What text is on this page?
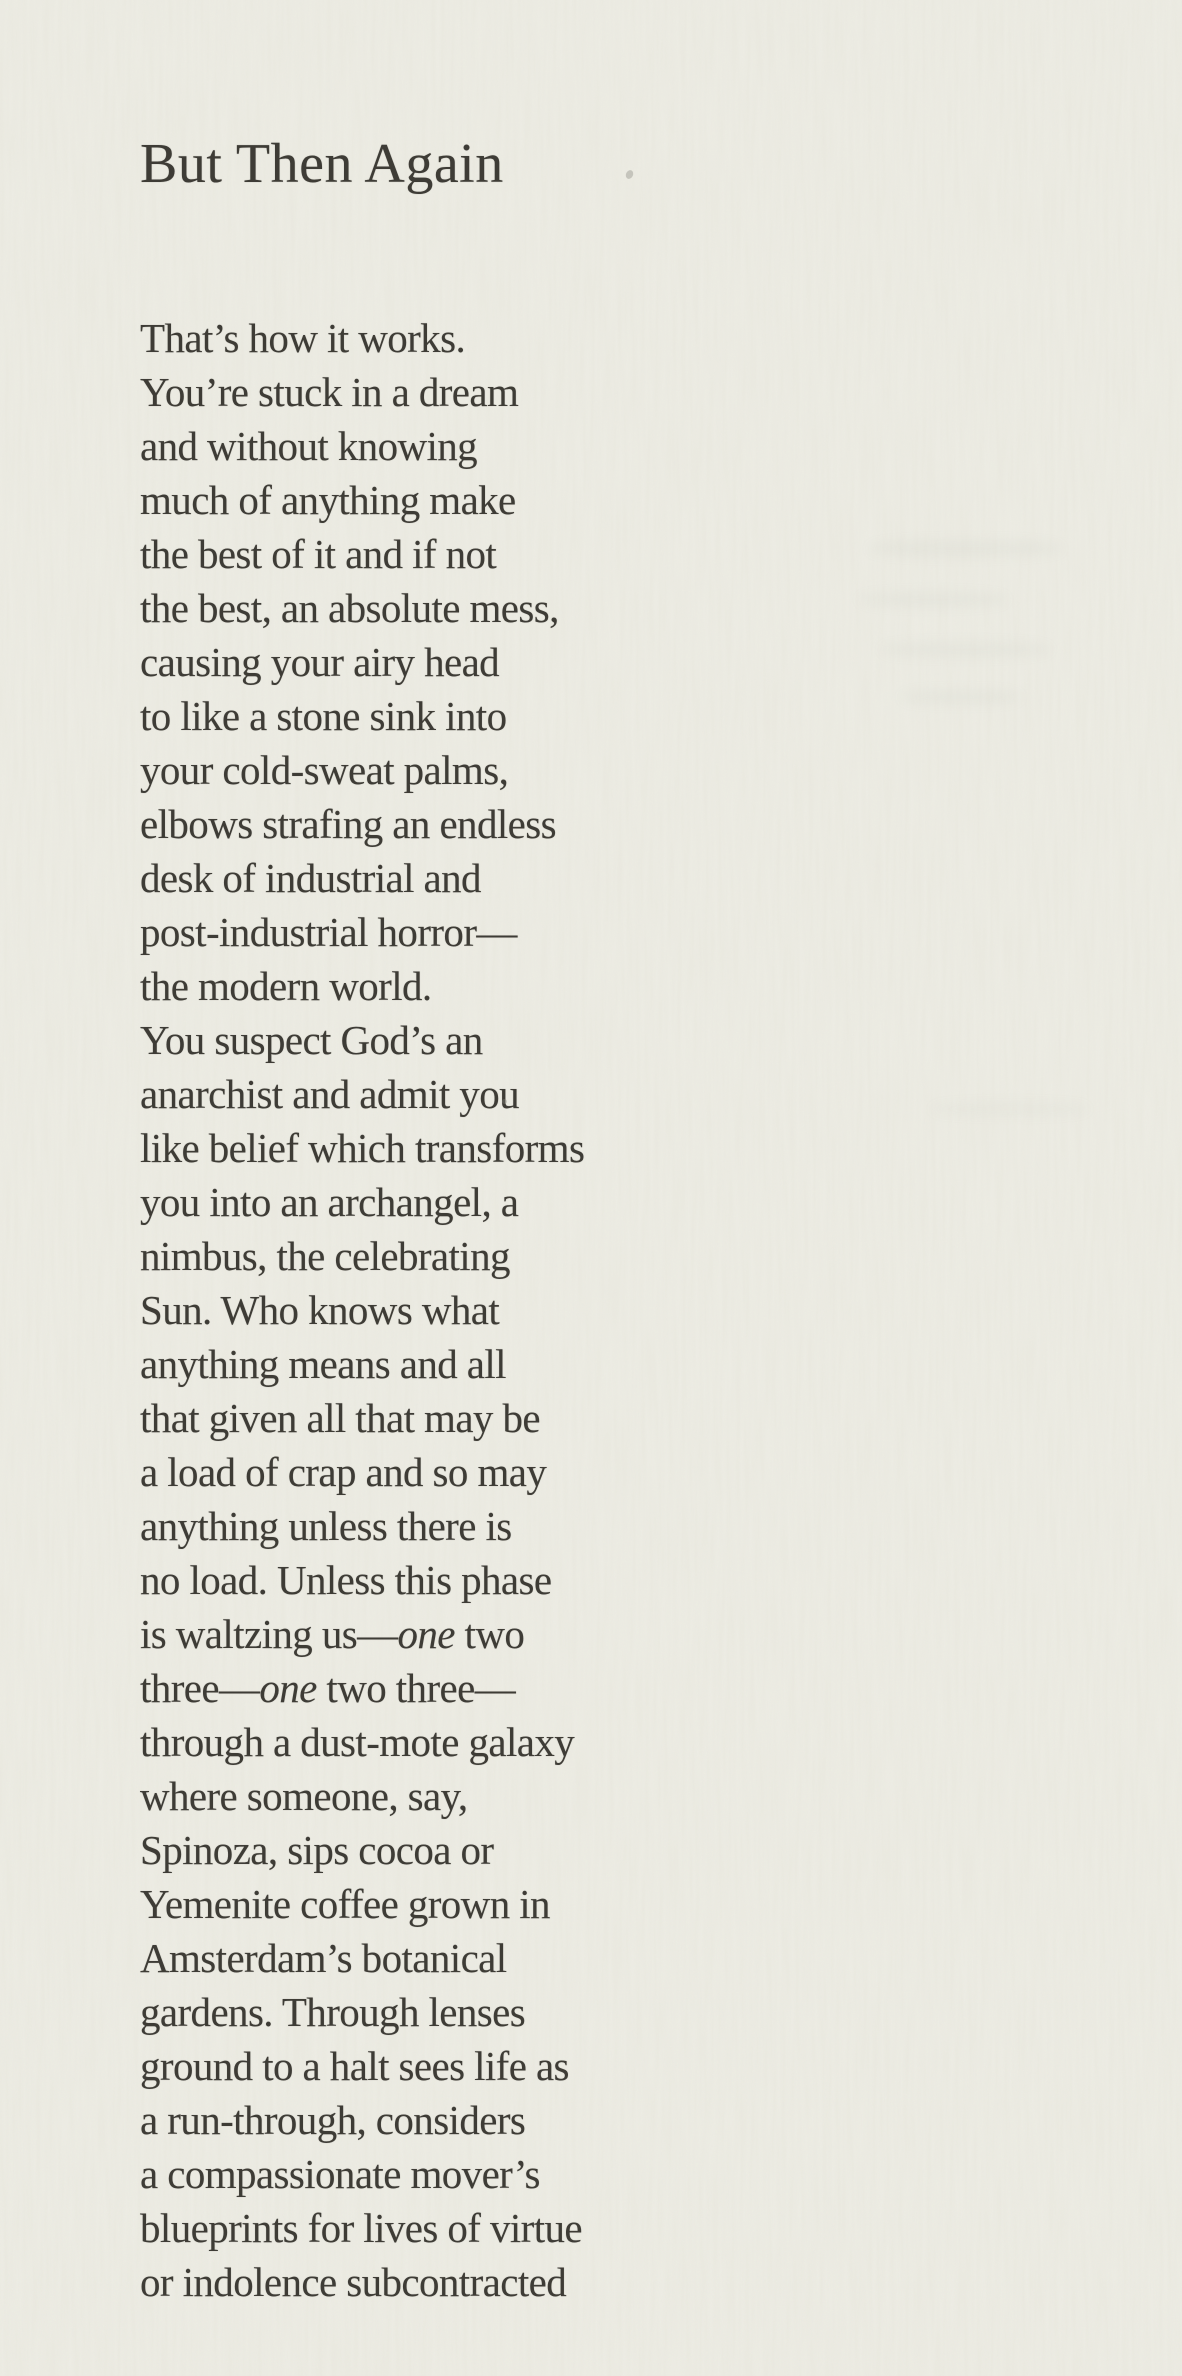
But Then Again
That’s how it works.
You’re stuck in a dream
and without knowing
much of anything make
the best of it and if not
the best, an absolute mess,
causing your airy head
to like a stone sink into
your cold-sweat palms,
elbows strafing an endless
desk of industrial and
post-industrial horror—
the modern world.
You suspect God’s an
anarchist and admit you
like belief which transforms
you into an archangel, a
nimbus, the celebrating
Sun. Who knows what
anything means and all
that given all that may be
a load of crap and so may
anything unless there is
no load. Unless this phase
is waltzing us—one two
three—one two three—
through a dust-mote galaxy
where someone, say,
Spinoza, sips cocoa or
Yemenite coffee grown in
Amsterdam’s botanical
gardens. Through lenses
ground to a halt sees life as
a run-through, considers
a compassionate mover’s
blueprints for lives of virtue
or indolence subcontracted
